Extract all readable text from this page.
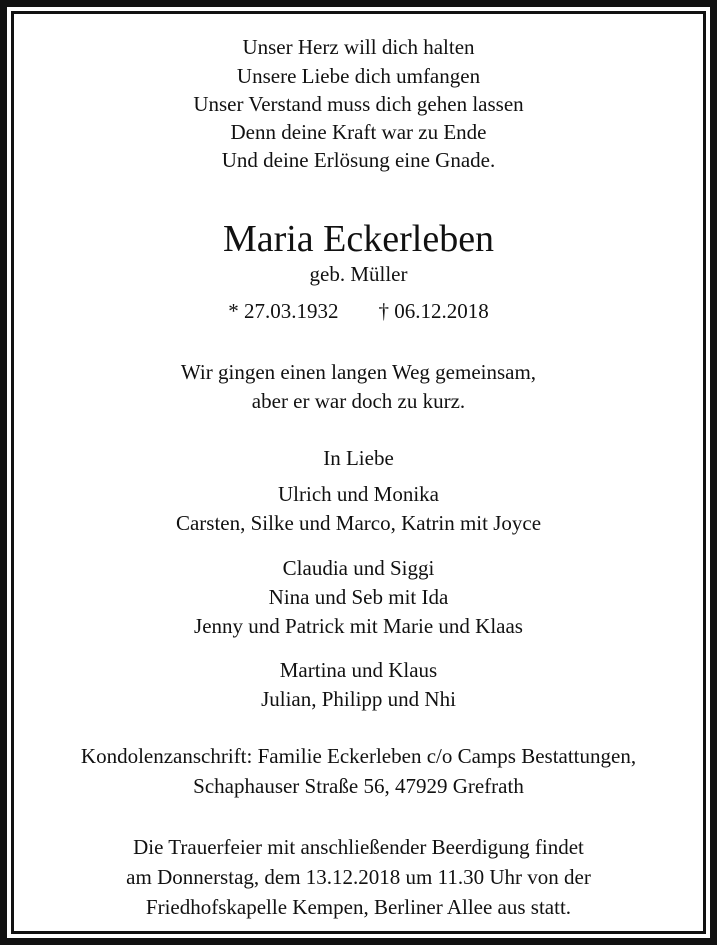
Unser Herz will dich halten
Unsere Liebe dich umfangen
Unser Verstand muss dich gehen lassen
Denn deine Kraft war zu Ende
Und deine Erlösung eine Gnade.
Maria Eckerleben
geb. Müller
* 27.03.1932 † 06.12.2018
Wir gingen einen langen Weg gemeinsam,
aber er war doch zu kurz.
In Liebe
Ulrich und Monika
Carsten, Silke und Marco, Katrin mit Joyce
Claudia und Siggi
Nina und Seb mit Ida
Jenny und Patrick mit Marie und Klaas
Martina und Klaus
Julian, Philipp und Nhi
Kondolenzanschrift: Familie Eckerleben c/o Camps Bestattungen,
Schaphauser Straße 56, 47929 Grefrath
Die Trauerfeier mit anschließender Beerdigung findet
am Donnerstag, dem 13.12.2018 um 11.30 Uhr von der
Friedhofskapelle Kempen, Berliner Allee aus statt.
